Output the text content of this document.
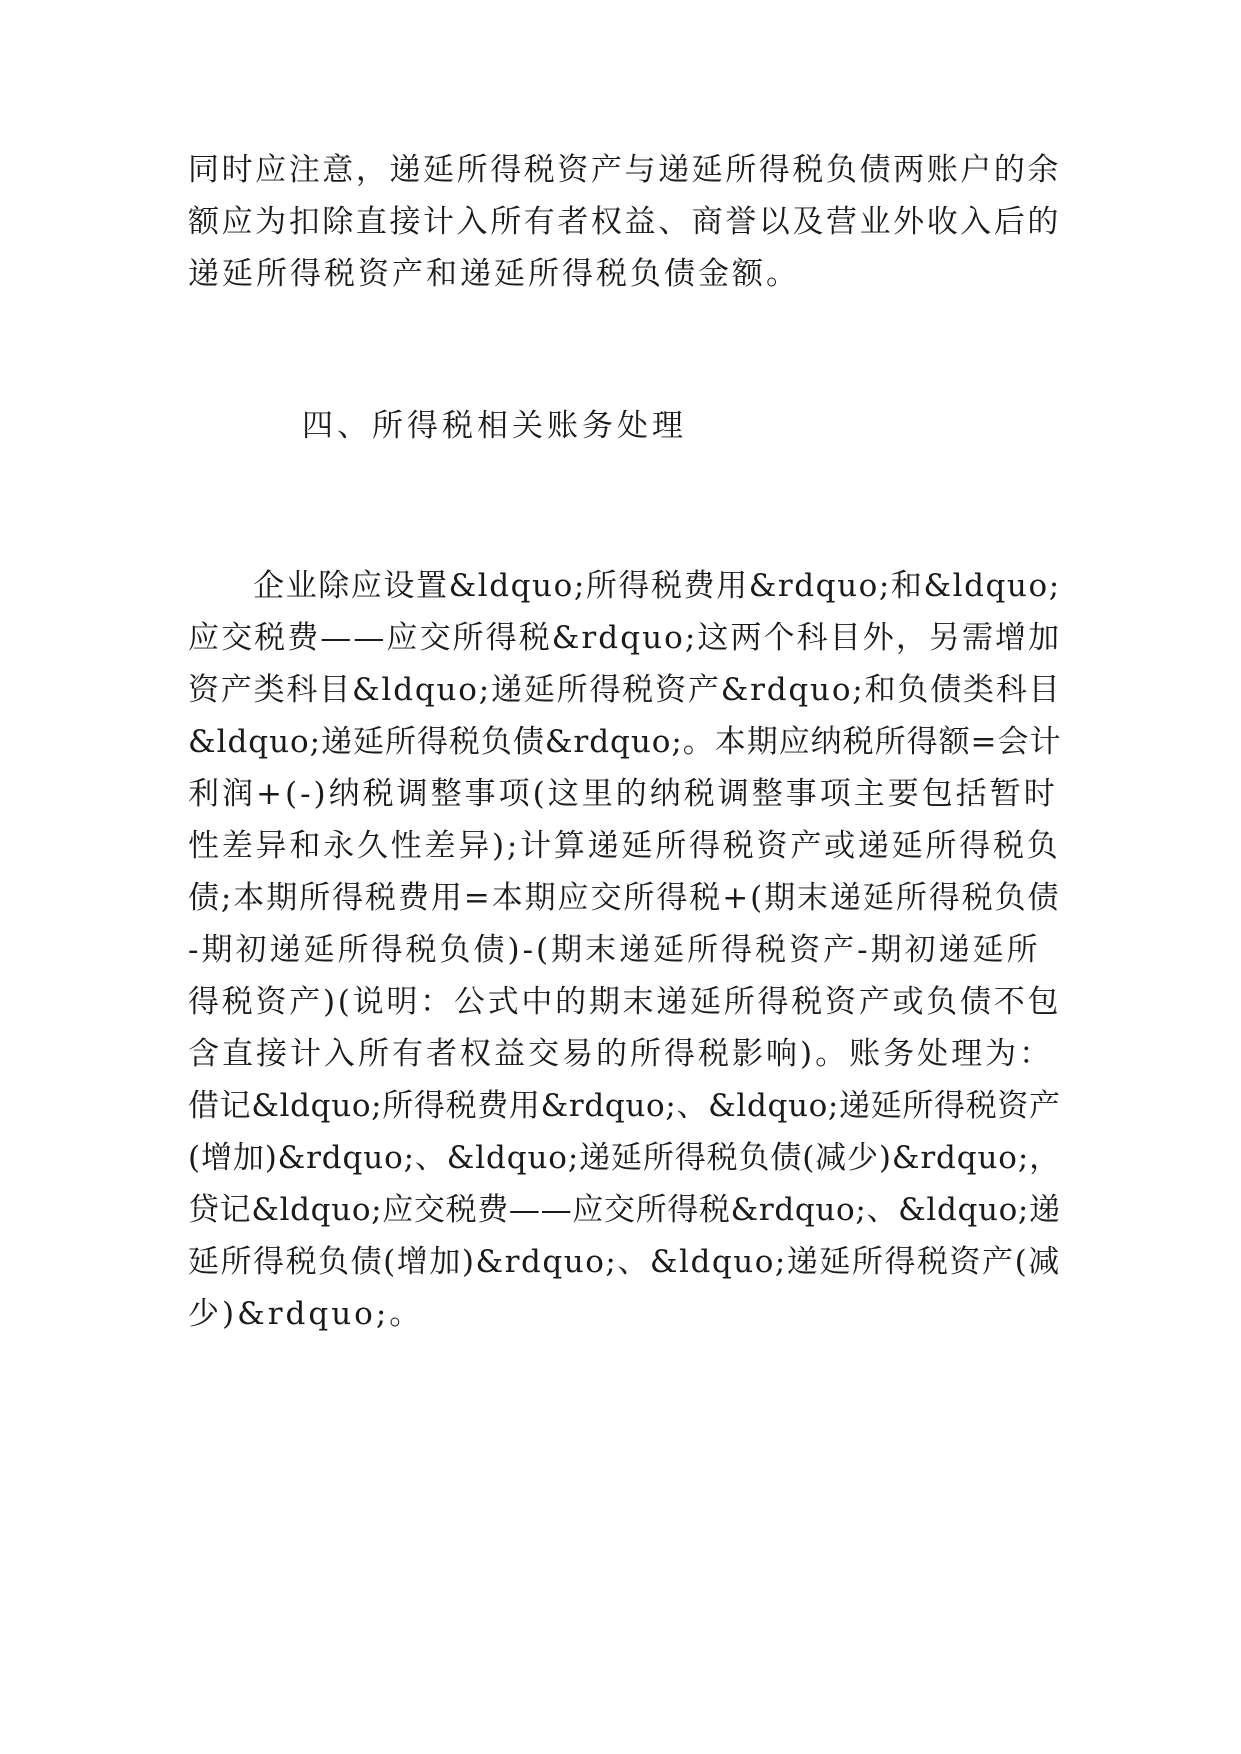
同时应注意，递延所得税资产与递延所得税负债两账户的余
额应为扣除直接计入所有者权益、商誉以及营业外收入后的
递延所得税资产和递延所得税负债金额。
四、所得税相关账务处理
　　企业除应设置&ldquo;所得税费用&rdquo;和&ldquo;
应交税费——应交所得税&rdquo;这两个科目外，另需增加
资产类科目&ldquo;递延所得税资产&rdquo;和负债类科目
&ldquo;递延所得税负债&rdquo;。本期应纳税所得额=会计
利润+(-)纳税调整事项(这里的纳税调整事项主要包括暂时
性差异和永久性差异);计算递延所得税资产或递延所得税负
债;本期所得税费用=本期应交所得税+(期末递延所得税负债
-期初递延所得税负债)-(期末递延所得税资产-期初递延所
得税资产)(说明：公式中的期末递延所得税资产或负债不包
含直接计入所有者权益交易的所得税影响)。账务处理为：
借记&ldquo;所得税费用&rdquo;、&ldquo;递延所得税资产
(增加)&rdquo;、&ldquo;递延所得税负债(减少)&rdquo;，
贷记&ldquo;应交税费——应交所得税&rdquo;、&ldquo;递
延所得税负债(增加)&rdquo;、&ldquo;递延所得税资产(减
少)&rdquo;。
